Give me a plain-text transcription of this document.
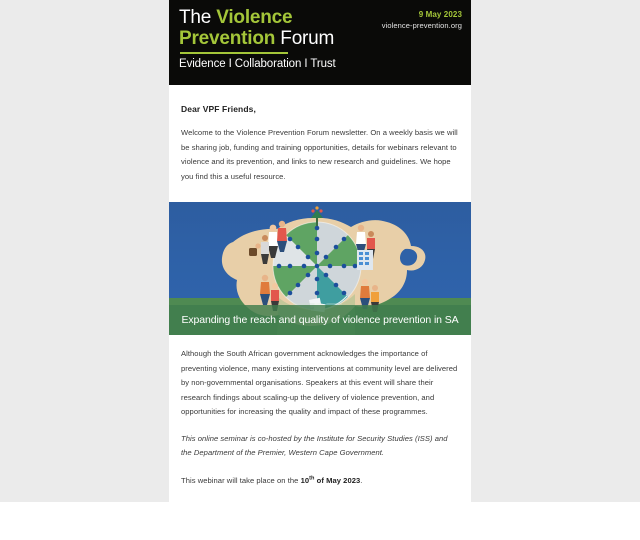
The Violence
Prevention Forum
Evidence I Collaboration I Trust
9 May 2023
violence-prevention.org

Dear VPF Friends,

Welcome to the Violence Prevention Forum newsletter. On a weekly basis we will be sharing job, funding and training opportunities, details for webinars relevant to violence and its prevention, and links to new research and guidelines. We hope you find this a useful resource.

Expanding the reach and quality of violence prevention in SA

Although the South African government acknowledges the importance of preventing violence, many existing interventions at community level are delivered by non-governmental organisations. Speakers at this event will share their research findings about scaling-up the delivery of violence prevention, and opportunities for increasing the quality and impact of these programmes.

This online seminar is co-hosted by the Institute for Security Studies (ISS) and the Department of the Premier, Western Cape Government.

This webinar will take place on the 10th of May 2023.
